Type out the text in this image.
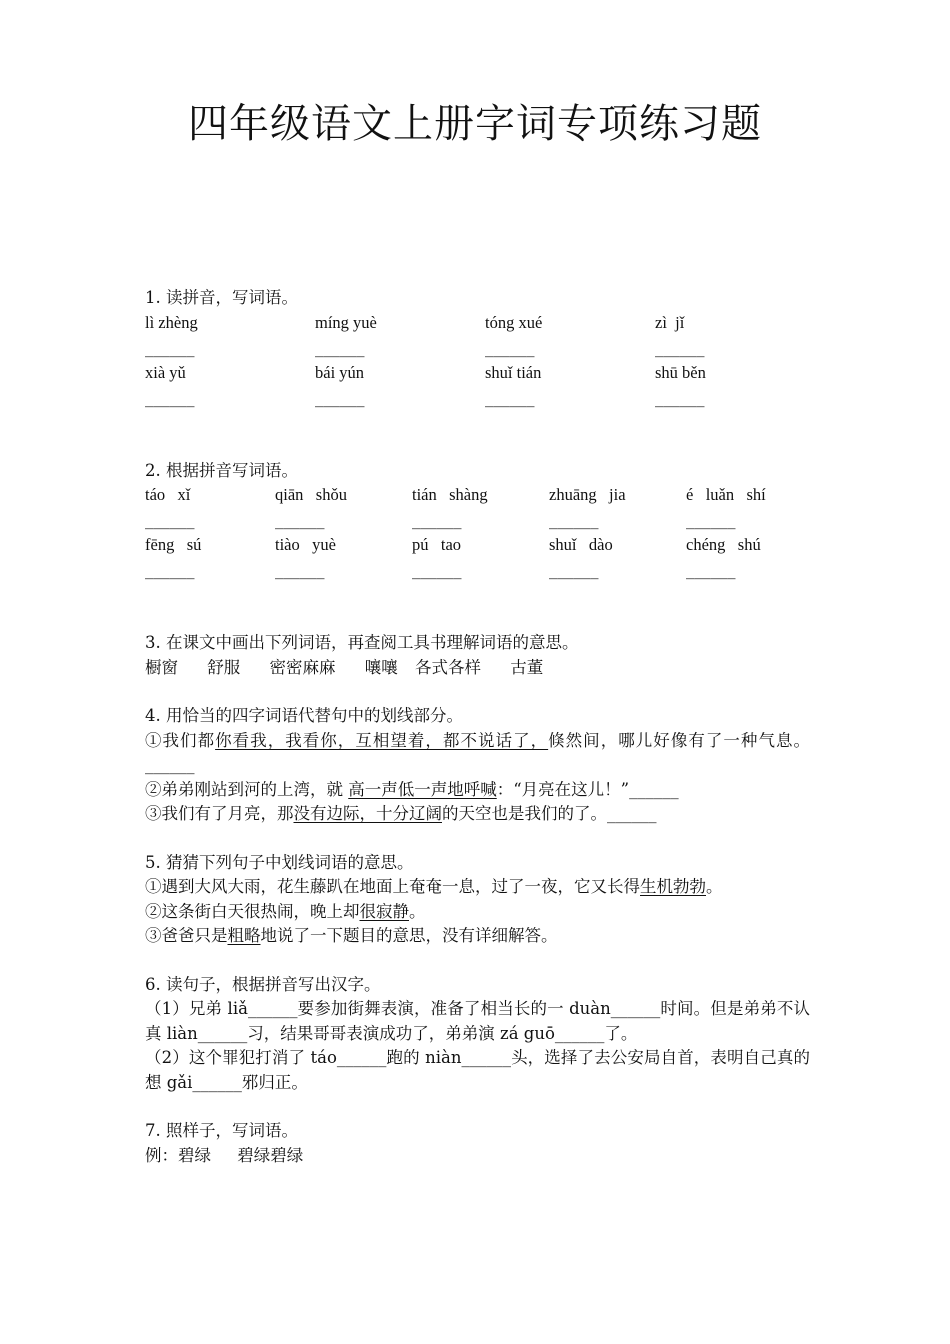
四年级语文上册字词专项练习题

1. 读拼音，写词语。

lì zhèng	míng yuè	tóng xué	zì  jǐ
______	______	______	______
xià yǔ	bái yún	shuǐ tián	shū běn
______	______	______	______

2. 根据拼音写词语。

táo   xǐ	qiān   shǒu	tián   shàng	zhuāng   jia	é   luǎn   shí
______	______	______	______	______
fēng   sú	tiào   yuè	pú   tao	shuǐ   dào	chéng   shú
______	______	______	______	______

3. 在课文中画出下列词语，再查阅工具书理解词语的意思。

橱窗 舒服 密密麻麻 嚷嚷 各式各样 古董

4. 用恰当的四字词语代替句中的划线部分。

①我们都你看我，我看你，互相望着，都不说话了，倏然间，哪儿好像有了一种气息。______

②弟弟刚站到河的上湾，就 高一声低一声地呼喊：“月亮在这儿！”______

③我们有了月亮，那没有边际，十分辽阔的天空也是我们的了。______

5. 猜猜下列句子中划线词语的意思。

①遇到大风大雨，花生藤趴在地面上奄奄一息，过了一夜，它又长得生机勃勃。

②这条街白天很热闹，晚上却很寂静。

③爸爸只是粗略地说了一下题目的意思，没有详细解答。

6. 读句子，根据拼音写出汉字。

（1）兄弟 liǎ______要参加街舞表演，准备了相当长的一 duàn______时间。但是弟弟不认真 liàn______习，结果哥哥表演成功了，弟弟演 zá guō______了。

（2）这个罪犯打消了 táo______跑的 niàn______头，选择了去公安局自首，表明自己真的想 gǎi______邪归正。

7. 照样子，写词语。

例：碧绿     碧绿碧绿
